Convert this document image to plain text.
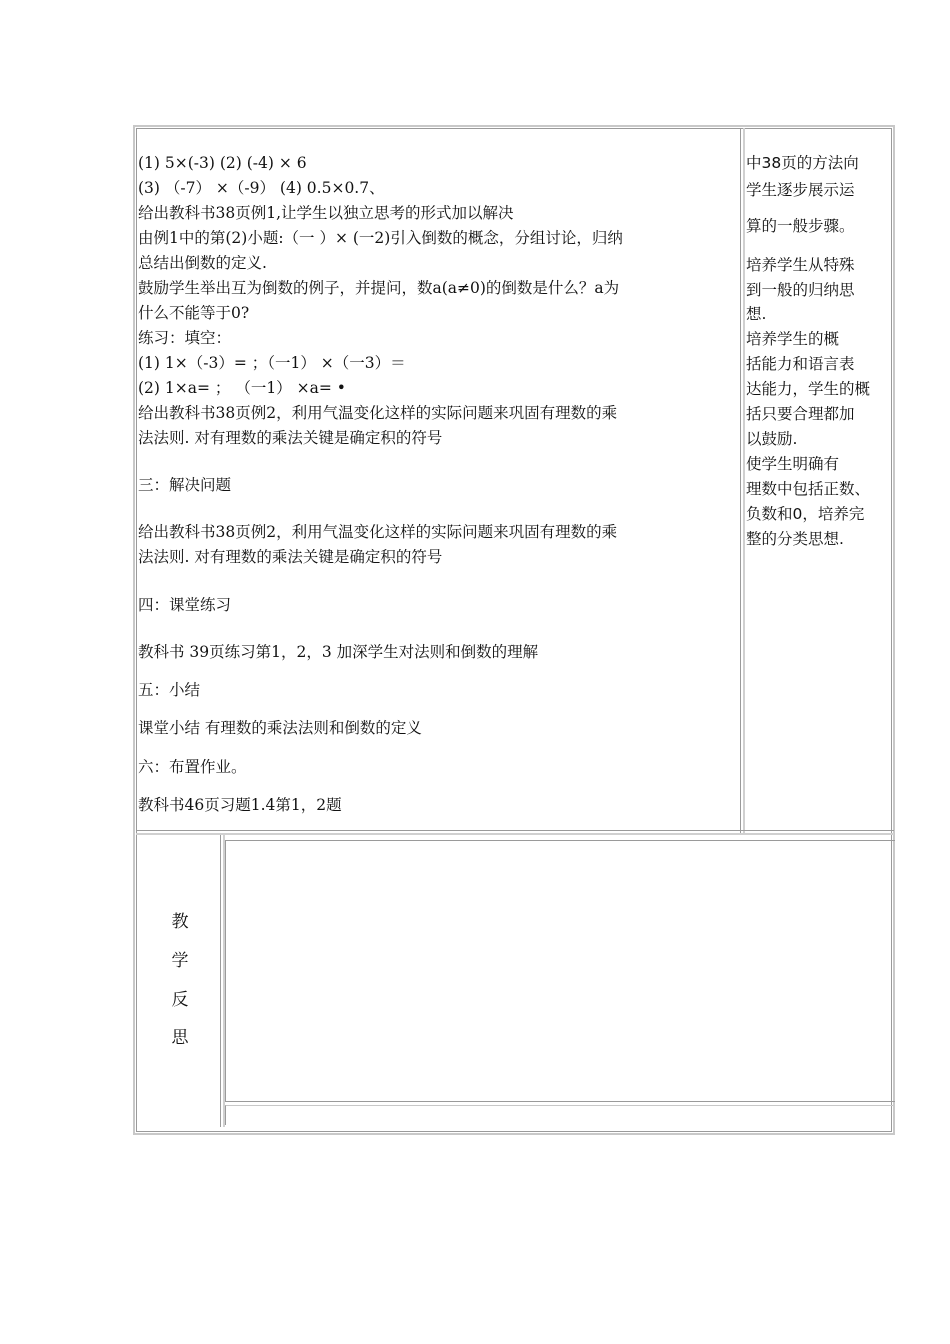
(1) 5×(-3) (2) (-4) × 6
(3) （-7） ×（-9） (4) 0.5×0.7、
给出教科书38页例1,让学生以独立思考的形式加以解决
由例1中的第(2)小题:（一 ）× (一2)引入倒数的概念，分组讨论，归纳
总结出倒数的定义.
鼓励学生举出互为倒数的例子，并提问，数a(a≠0)的倒数是什么？a为
什么不能等于0?
练习：填空：
(1) 1×（-3）= ；（一1） ×（一3）＝
(2) 1×a= ； （一1） ×a= •
给出教科书38页例2，利用气温变化这样的实际问题来巩固有理数的乘
法法则. 对有理数的乘法关键是确定积的符号
三：解决问题
给出教科书38页例2，利用气温变化这样的实际问题来巩固有理数的乘
法法则. 对有理数的乘法关键是确定积的符号
四：课堂练习
教科书 39页练习第1，2，3 加深学生对法则和倒数的理解
五：小结
课堂小结 有理数的乘法法则和倒数的定义
六：布置作业。
教科书46页习题1.4第1，2题
中38页的方法向
学生逐步展示运
算的一般步骤。
培养学生从特殊
到一般的归纳思
想.
培养学生的概
括能力和语言表
达能力，学生的概
括只要合理都加
以鼓励.
使学生明确有
理数中包括正数、
负数和0，培养完
整的分类思想.
教
学
反
思
